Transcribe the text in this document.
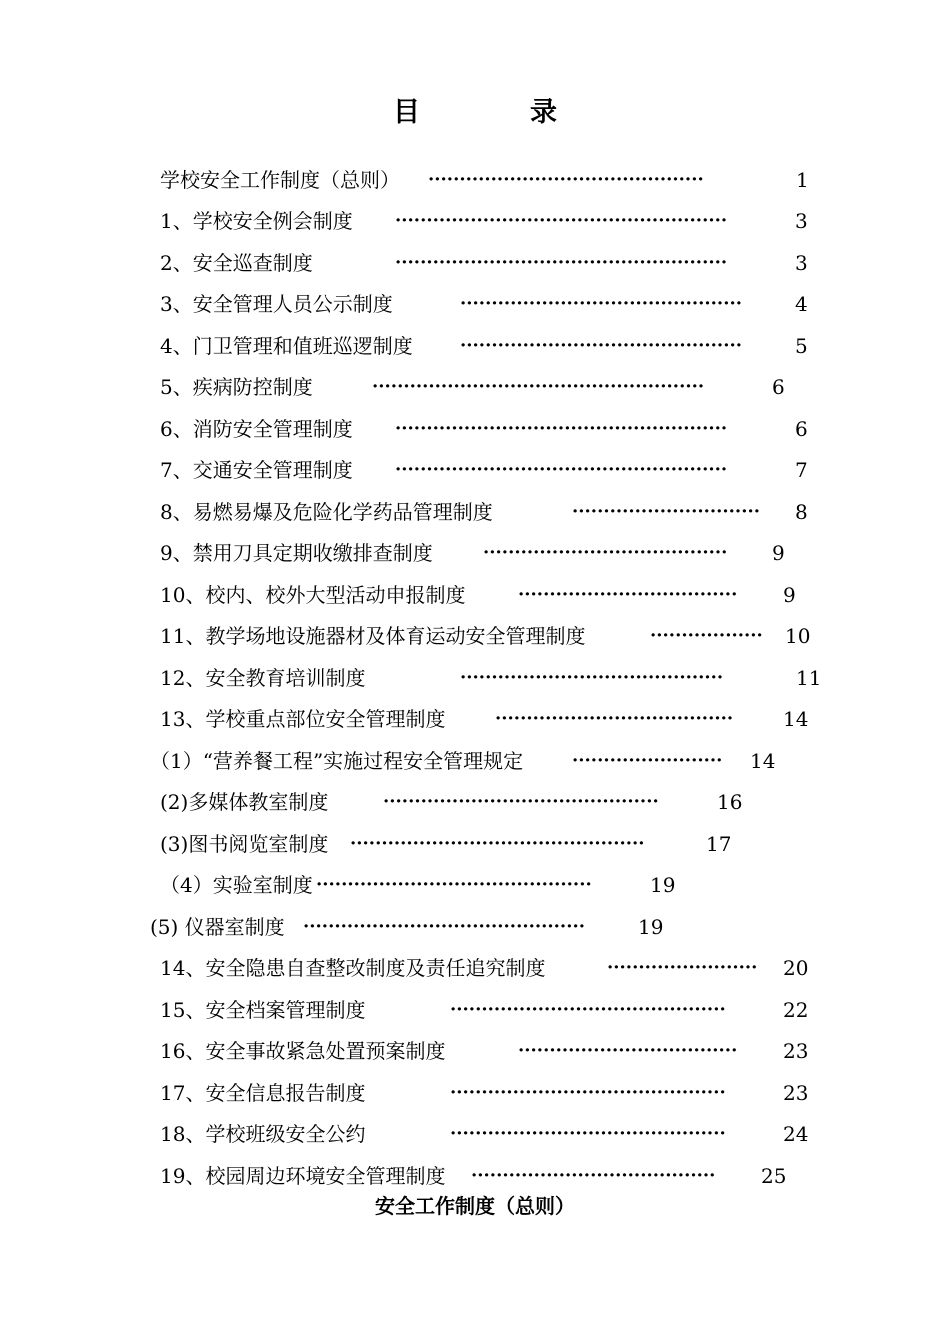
目	录
学校安全工作制度（总则） ············································	1
1、学校安全例会制度 ·····················································	3
2、安全巡查制度	·····················································	3
3、安全管理人员公示制度	·············································	4
4、门卫管理和值班巡逻制度	·············································	5
5、疾病防控制度	·····················································	6
6、消防安全管理制度 ·····················································	6
7、交通安全管理制度 ·····················································	7
8、易燃易爆及危险化学药品管理制度	······························	8
9、禁用刀具定期收缴排查制度	·······································	9
10、校内、校外大型活动申报制度	···································	9
11、教学场地设施器材及体育运动安全管理制度	··················	10
12、安全教育培训制度	··········································	11
13、学校重点部位安全管理制度	······································	14
（1）“营养餐工程”实施过程安全管理规定	························	14
(2)多媒体教室制度	············································	16
(3)图书阅览室制度 ···············································	17
（4）实验室制度 ············································	19
(5) 仪器室制度 ·············································	19
14、安全隐患自查整改制度及责任追究制度	························	20
15、安全档案管理制度	············································	22
16、安全事故紧急处置预案制度	···································	23
17、安全信息报告制度	············································	23
18、学校班级安全公约	············································	24
19、校园周边环境安全管理制度 ·······································	25
安全工作制度（总则）
